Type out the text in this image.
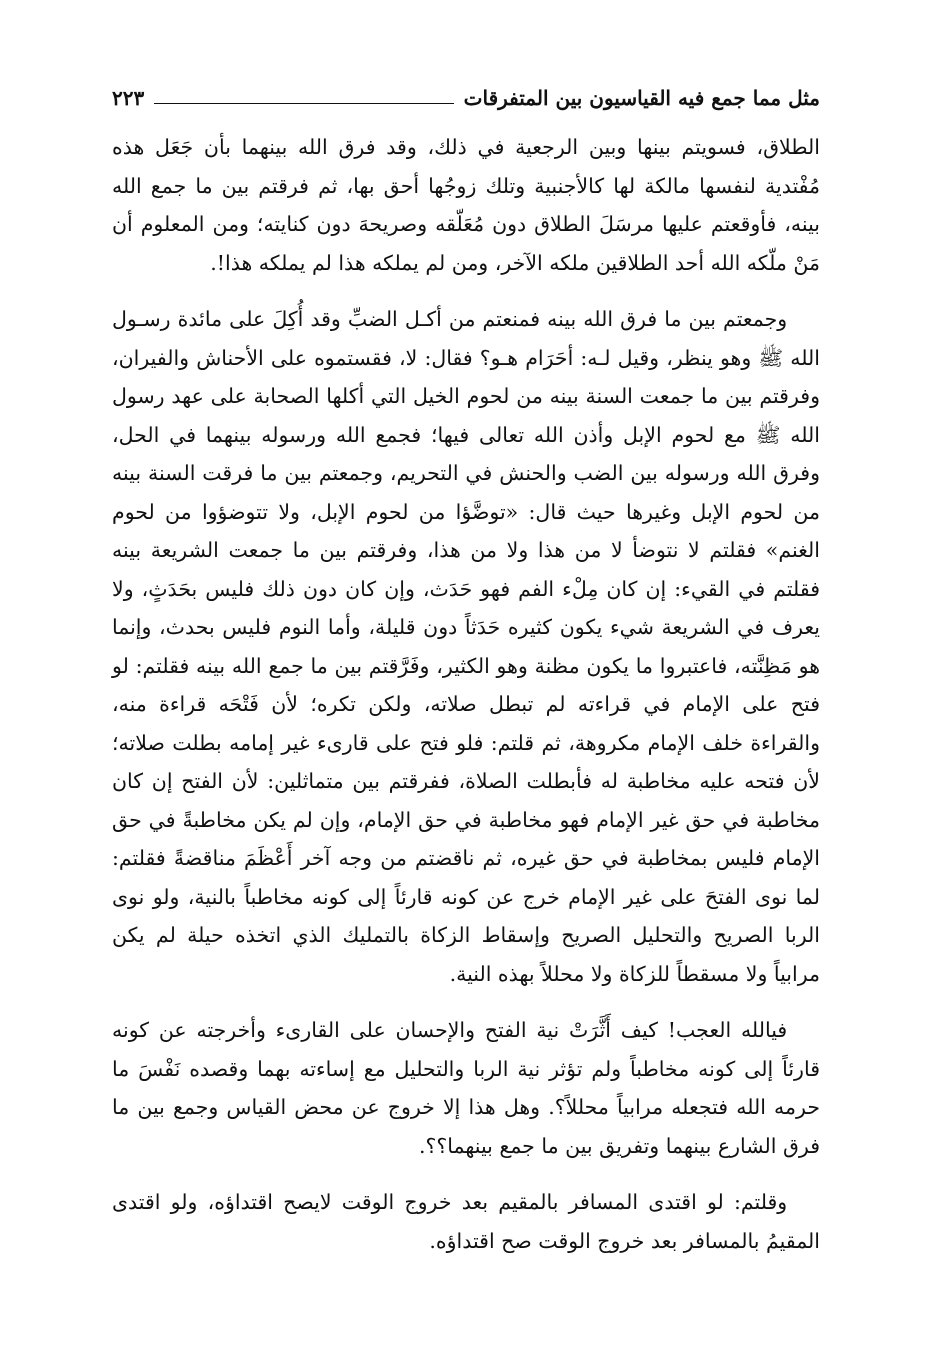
مثل مما جمع فيه القياسيون بين المتفرقات
٢٢٣

الطلاق، فسويتم بينها وبين الرجعية في ذلك، وقد فرق الله بينهما بأن جَعَل هذه مُفْتدية لنفسها مالكة لها كالأجنبية وتلك زوجُها أحق بها، ثم فرقتم بين ما جمع الله بينه، فأوقعتم عليها مرسَلَ الطلاق دون مُعَلّقه وصريحهَ دون كنايته؛ ومن المعلوم أن مَنْ ملّكه الله أحد الطلاقين ملكه الآخر، ومن لم يملكه هذا لم يملكه هذا!.

وجمعتم بين ما فرق الله بينه فمنعتم من أكـل الضبِّ وقد أُكِلَ على مائدة رسـول الله ﷺ وهو ينظر، وقيل لـه: أحَرَام هـو؟ فقال: لا، فقستموه على الأحناش والفيران، وفرقتم بين ما جمعت السنة بينه من لحوم الخيل التي أكلها الصحابة على عهد رسول الله ﷺ مع لحوم الإبل وأذن الله تعالى فيها؛ فجمع الله ورسوله بينهما في الحل، وفرق الله ورسوله بين الضب والحنش في التحريم، وجمعتم بين ما فرقت السنة بينه من لحوم الإبل وغيرها حيث قال: «توضَّؤا من لحوم الإبل، ولا تتوضؤوا من لحوم الغنم» فقلتم لا نتوضأ لا من هذا ولا من هذا، وفرقتم بين ما جمعت الشريعة بينه فقلتم في القيء: إن كان مِلْء الفم فهو حَدَث، وإن كان دون ذلك فليس بحَدَثٍ، ولا يعرف في الشريعة شيء يكون كثيره حَدَثاً دون قليلة، وأما النوم فليس بحدث، وإنما هو مَظِنَّته، فاعتبروا ما يكون مظنة وهو الكثير، وفَرَّقتم بين ما جمع الله بينه فقلتم: لو فتح على الإمام في قراءته لم تبطل صلاته، ولكن تكره؛ لأن فَتْحَه قراءة منه، والقراءة خلف الإمام مكروهة، ثم قلتم: فلو فتح على قارىء غير إمامه بطلت صلاته؛ لأن فتحه عليه مخاطبة له فأبطلت الصلاة، ففرقتم بين متماثلين: لأن الفتح إن كان مخاطبة في حق غير الإمام فهو مخاطبة في حق الإمام، وإن لم يكن مخاطبةً في حق الإمام فليس بمخاطبة في حق غيره، ثم ناقضتم من وجه آخر أَعْظَمَ مناقضةً فقلتم: لما نوى الفتحَ على غير الإمام خرج عن كونه قارئاً إلى كونه مخاطباً بالنية، ولو نوى الربا الصريح والتحليل الصريح وإسقاط الزكاة بالتمليك الذي اتخذه حيلة لم يكن مرابياً ولا مسقطاً للزكاة ولا محللاً بهذه النية.

فيالله العجب! كيف أَثَّرَتْ نية الفتح والإحسان على القارىء وأخرجته عن كونه قارئاً إلى كونه مخاطباً ولم تؤثر نية الربا والتحليل مع إساءته بهما وقصده نَفْسَ ما حرمه الله فتجعله مرابياً محللاً؟. وهل هذا إلا خروج عن محض القياس وجمع بين ما فرق الشارع بينهما وتفريق بين ما جمع بينهما؟؟.

وقلتم: لو اقتدى المسافر بالمقيم بعد خروج الوقت لايصح اقتداؤه، ولو اقتدى المقيمُ بالمسافر بعد خروج الوقت صح اقتداؤه.
